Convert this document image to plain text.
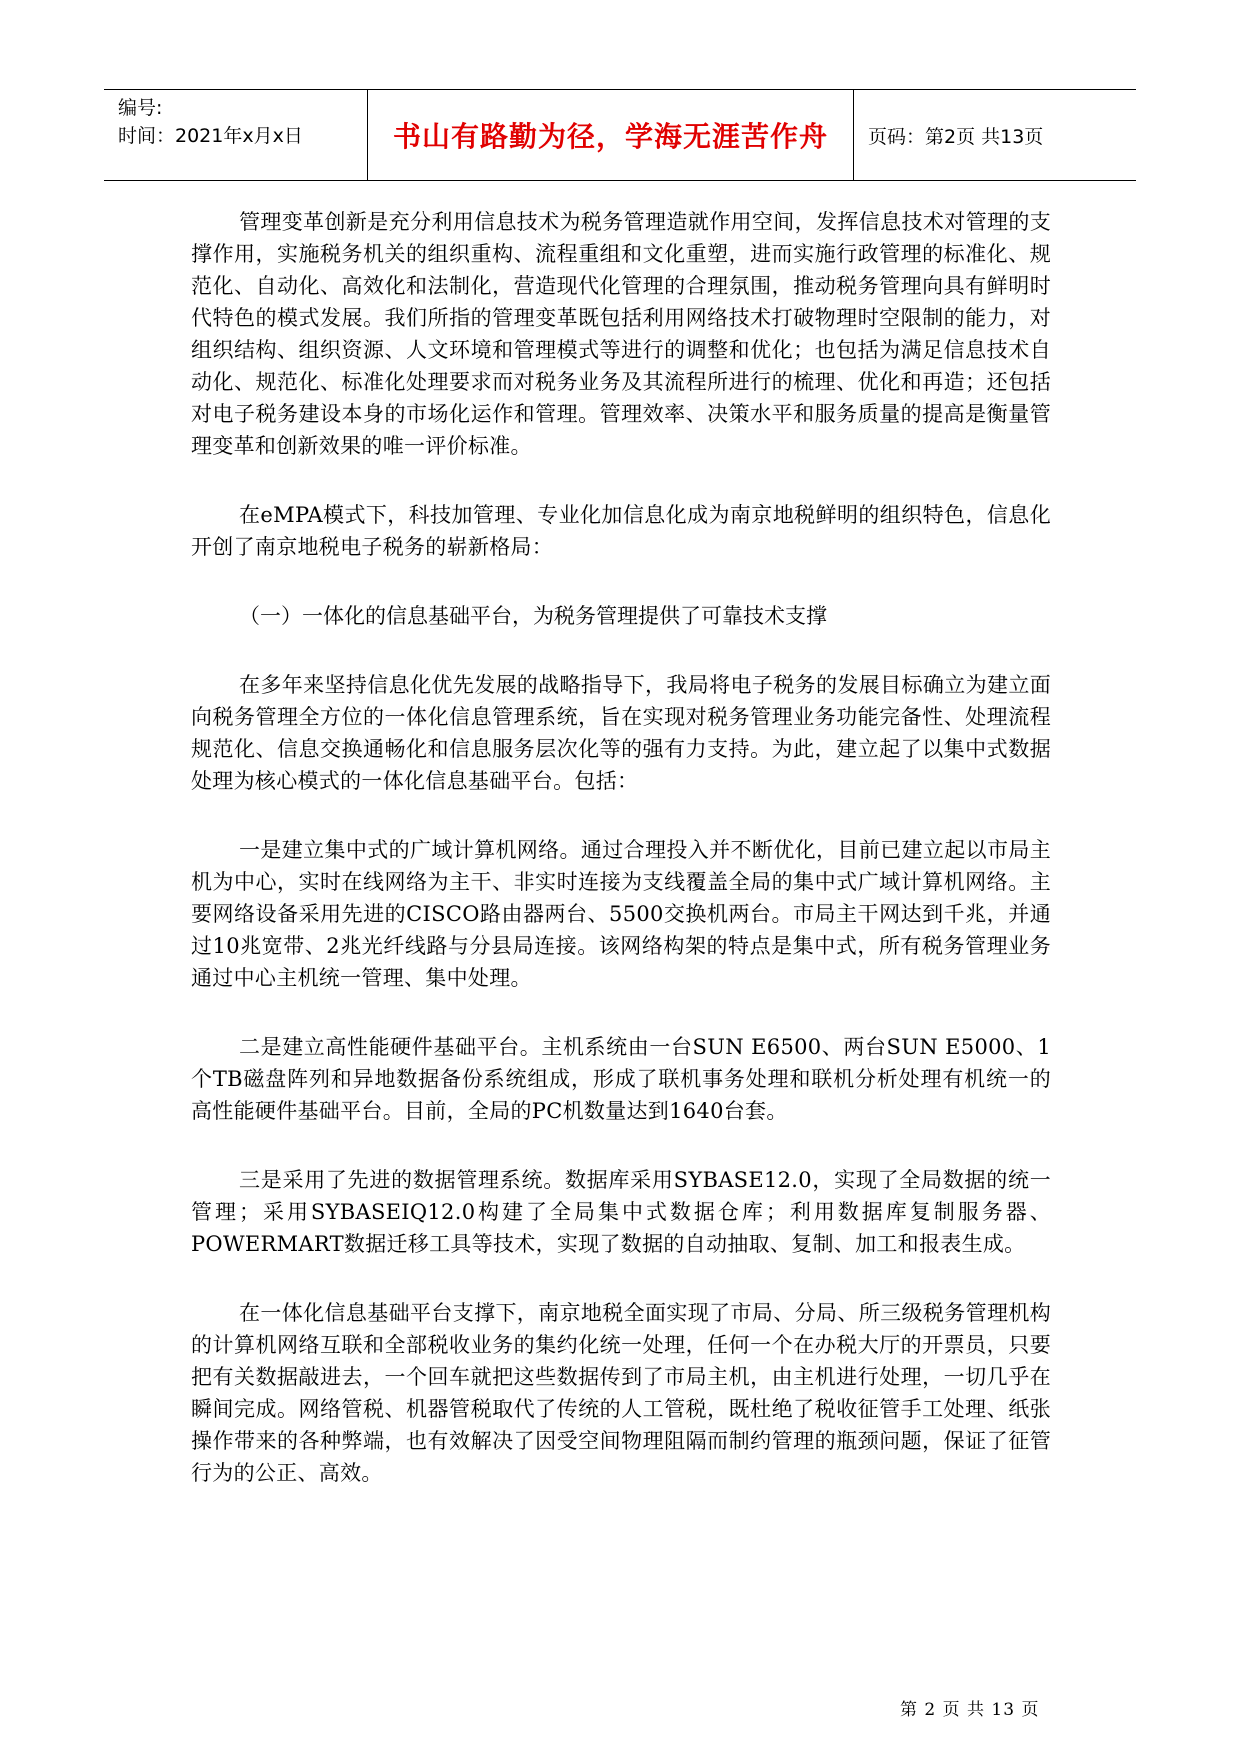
编号:
时间：2021年x月x日	书山有路勤为径，学海无涯苦作舟 页码：第2页 共13页

管理变革创新是充分利用信息技术为税务管理造就作用空间，发挥信息技术对管理的支撑作用，实施税务机关的组织重构、流程重组和文化重塑，进而实施行政管理的标准化、规范化、自动化、高效化和法制化，营造现代化管理的合理氛围，推动税务管理向具有鲜明时代特色的模式发展。我们所指的管理变革既包括利用网络技术打破物理时空限制的能力，对组织结构、组织资源、人文环境和管理模式等进行的调整和优化；也包括为满足信息技术自动化、规范化、标准化处理要求而对税务业务及其流程所进行的梳理、优化和再造；还包括对电子税务建设本身的市场化运作和管理。管理效率、决策水平和服务质量的提高是衡量管理变革和创新效果的唯一评价标准。

在eMPA模式下，科技加管理、专业化加信息化成为南京地税鲜明的组织特色，信息化开创了南京地税电子税务的崭新格局：

（一）一体化的信息基础平台，为税务管理提供了可靠技术支撑

在多年来坚持信息化优先发展的战略指导下，我局将电子税务的发展目标确立为建立面向税务管理全方位的一体化信息管理系统，旨在实现对税务管理业务功能完备性、处理流程规范化、信息交换通畅化和信息服务层次化等的强有力支持。为此，建立起了以集中式数据处理为核心模式的一体化信息基础平台。包括：

一是建立集中式的广域计算机网络。通过合理投入并不断优化，目前已建立起以市局主机为中心，实时在线网络为主干、非实时连接为支线覆盖全局的集中式广域计算机网络。主要网络设备采用先进的CISCO路由器两台、5500交换机两台。市局主干网达到千兆，并通过10兆宽带、2兆光纤线路与分县局连接。该网络构架的特点是集中式，所有税务管理业务通过中心主机统一管理、集中处理。

二是建立高性能硬件基础平台。主机系统由一台SUN E6500、两台SUN E5000、1个TB磁盘阵列和异地数据备份系统组成，形成了联机事务处理和联机分析处理有机统一的高性能硬件基础平台。目前，全局的PC机数量达到1640台套。

三是采用了先进的数据管理系统。数据库采用SYBASE12.0，实现了全局数据的统一管理；采用SYBASEIQ12.0构建了全局集中式数据仓库；利用数据库复制服务器、POWERMART数据迁移工具等技术，实现了数据的自动抽取、复制、加工和报表生成。

在一体化信息基础平台支撑下，南京地税全面实现了市局、分局、所三级税务管理机构的计算机网络互联和全部税收业务的集约化统一处理，任何一个在办税大厅的开票员，只要把有关数据敲进去，一个回车就把这些数据传到了市局主机，由主机进行处理，一切几乎在瞬间完成。网络管税、机器管税取代了传统的人工管税，既杜绝了税收征管手工处理、纸张操作带来的各种弊端，也有效解决了因受空间物理阻隔而制约管理的瓶颈问题，保证了征管行为的公正、高效。

第 2 页 共 13 页
